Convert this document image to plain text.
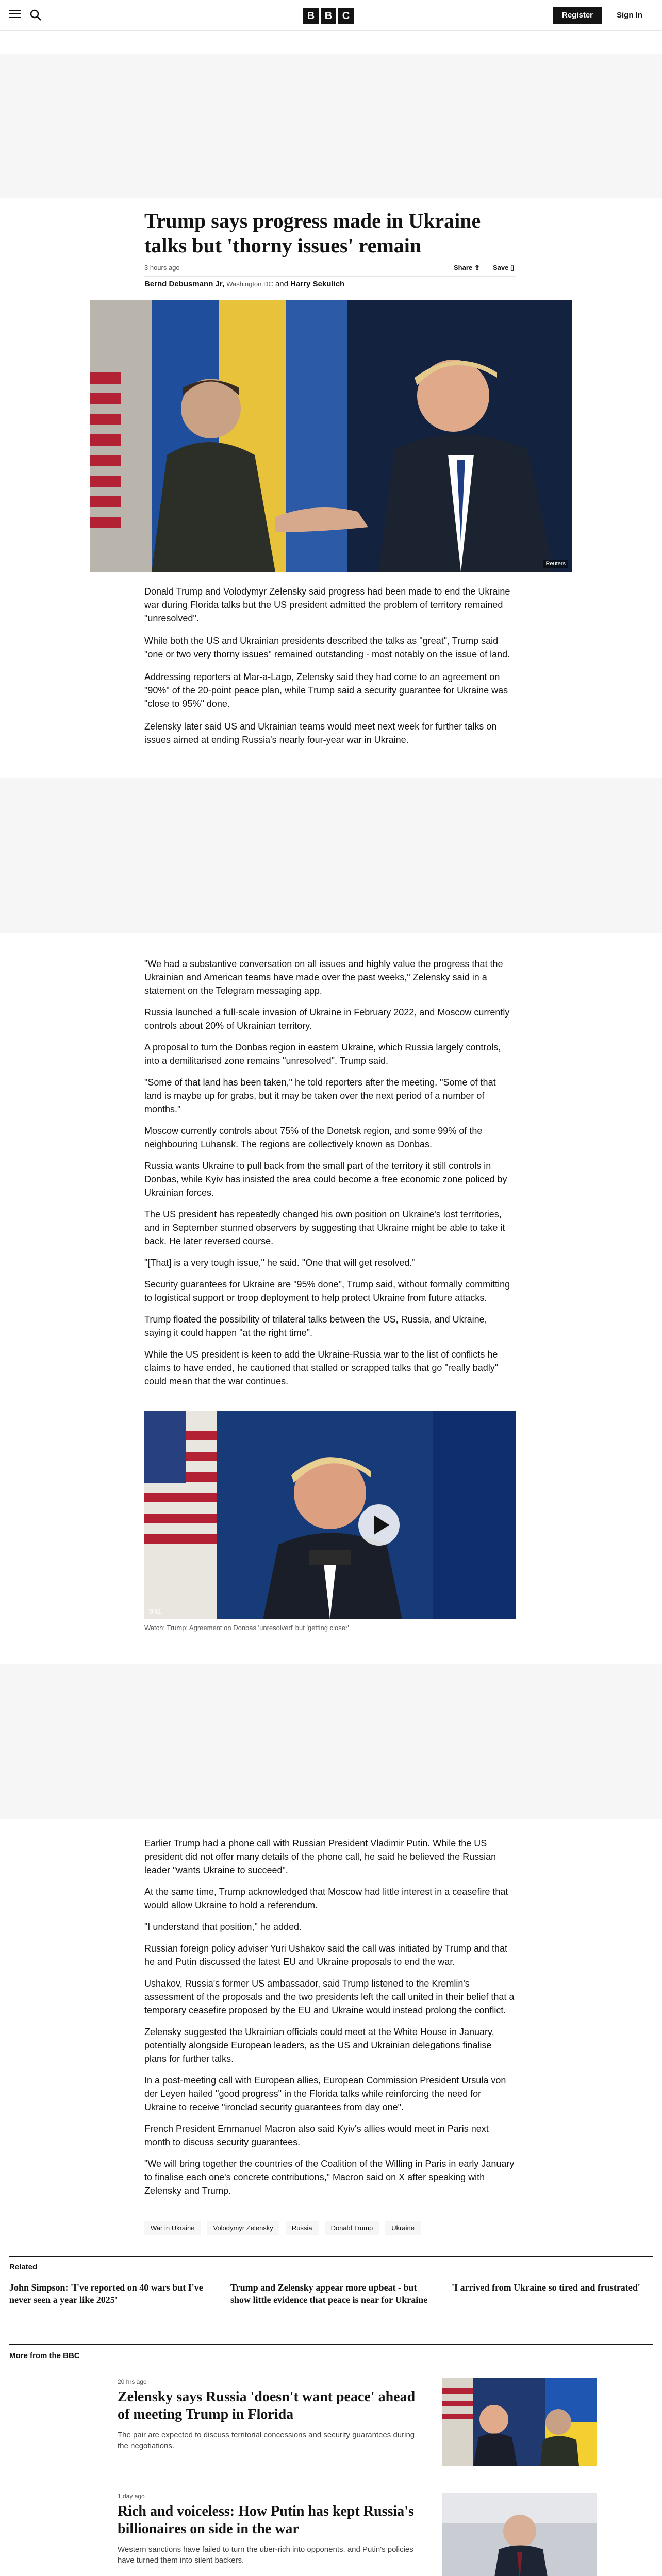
B B C	Register	Sign In
Trump says progress made in Ukraine talks but 'thorny issues' remain
3 hours ago	Share ⇪ Save ▯
Bernd Debusmann Jr, Washington DC and Harry Sekulich
Reuters

Donald Trump and Volodymyr Zelensky said progress had been made to end the Ukraine war during Florida talks but the US president admitted the problem of territory remained "unresolved".

While both the US and Ukrainian presidents described the talks as "great", Trump said "one or two very thorny issues" remained outstanding - most notably on the issue of land.

Addressing reporters at Mar-a-Lago, Zelensky said they had come to an agreement on "90%" of the 20-point peace plan, while Trump said a security guarantee for Ukraine was "close to 95%" done.

Zelensky later said US and Ukrainian teams would meet next week for further talks on issues aimed at ending Russia's nearly four-year war in Ukraine.

"We had a substantive conversation on all issues and highly value the progress that the Ukrainian and American teams have made over the past weeks," Zelensky said in a statement on the Telegram messaging app.

Russia launched a full-scale invasion of Ukraine in February 2022, and Moscow currently controls about 20% of Ukrainian territory.

A proposal to turn the Donbas region in eastern Ukraine, which Russia largely controls, into a demilitarised zone remains "unresolved", Trump said.

"Some of that land has been taken," he told reporters after the meeting. "Some of that land is maybe up for grabs, but it may be taken over the next period of a number of months."

Moscow currently controls about 75% of the Donetsk region, and some 99% of the neighbouring Luhansk. The regions are collectively known as Donbas.

Russia wants Ukraine to pull back from the small part of the territory it still controls in Donbas, while Kyiv has insisted the area could become a free economic zone policed by Ukrainian forces.

The US president has repeatedly changed his own position on Ukraine's lost territories, and in September stunned observers by suggesting that Ukraine might be able to take it back. He later reversed course.

"[That] is a very tough issue," he said. "One that will get resolved."

Security guarantees for Ukraine are "95% done", Trump said, without formally committing to logistical support or troop deployment to help protect Ukraine from future attacks.

Trump floated the possibility of trilateral talks between the US, Russia, and Ukraine, saying it could happen "at the right time".

While the US president is keen to add the Ukraine-Russia war to the list of conflicts he claims to have ended, he cautioned that stalled or scrapped talks that go "really badly" could mean that the war continues.

0:51
Watch: Trump: Agreement on Donbas 'unresolved' but 'getting closer'

Earlier Trump had a phone call with Russian President Vladimir Putin. While the US president did not offer many details of the phone call, he said he believed the Russian leader "wants Ukraine to succeed".

At the same time, Trump acknowledged that Moscow had little interest in a ceasefire that would allow Ukraine to hold a referendum.

"I understand that position," he added.

Russian foreign policy adviser Yuri Ushakov said the call was initiated by Trump and that he and Putin discussed the latest EU and Ukraine proposals to end the war.

Ushakov, Russia's former US ambassador, said Trump listened to the Kremlin's assessment of the proposals and the two presidents left the call united in their belief that a temporary ceasefire proposed by the EU and Ukraine would instead prolong the conflict.

Zelensky suggested the Ukrainian officials could meet at the White House in January, potentially alongside European leaders, as the US and Ukrainian delegations finalise plans for further talks.

In a post-meeting call with European allies, European Commission President Ursula von der Leyen hailed "good progress" in the Florida talks while reinforcing the need for Ukraine to receive "ironclad security guarantees from day one".

French President Emmanuel Macron also said Kyiv's allies would meet in Paris next month to discuss security guarantees.

"We will bring together the countries of the Coalition of the Willing in Paris in early January to finalise each one's concrete contributions," Macron said on X after speaking with Zelensky and Trump.

War in Ukraine	Volodymyr Zelensky	Russia	Donald Trump	Ukraine
Related
John Simpson: 'I've reported on 40 wars but I've never seen a year like 2025'
Trump and Zelensky appear more upbeat - but show little evidence that peace is near for Ukraine
'I arrived from Ukraine so tired and frustrated'
More from the BBC
20 hrs ago
Zelensky says Russia 'doesn't want peace' ahead of meeting Trump in Florida
The pair are expected to discuss territorial concessions and security guarantees during the negotiations.
1 day ago
Rich and voiceless: How Putin has kept Russia's billionaires on side in the war
Western sanctions have failed to turn the uber-rich into opponents, and Putin's policies have turned them into silent backers.
